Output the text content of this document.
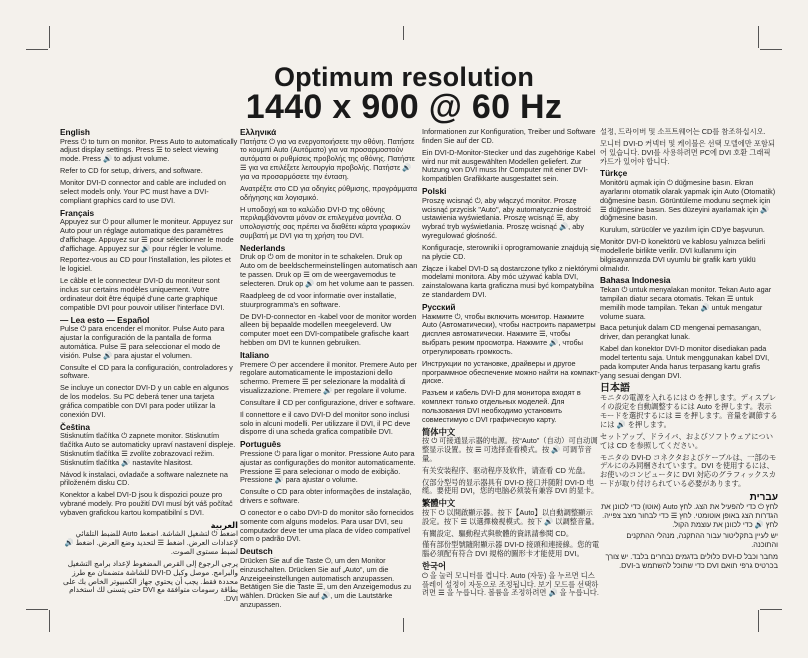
Optimum resolution
1440 x 900 @ 60 Hz
English

Press ⏻ to turn on monitor. Press Auto to automatically adjust display settings. Press ☰ to select viewing mode. Press 🔊 to adjust volume.

Refer to CD for setup, drivers, and software.

Monitor DVI-D connector and cable are included on select models only. Your PC must have a DVI-compliant graphics card to use DVI.

Français

Appuyez sur ⏻ pour allumer le moniteur. Appuyez sur Auto pour un réglage automatique des paramètres d'affichage. Appuyez sur ☰ pour sélectionner le mode d'affichage. Appuyez sur 🔊 pour régler le volume.

Reportez-vous au CD pour l'installation, les pilotes et le logiciel.

Le câble et le connecteur DVI-D du moniteur sont inclus sur certains modèles uniquement. Votre ordinateur doit être équipé d'une carte graphique compatible DVI pour pouvoir utiliser l'interface DVI.

— Lea esto — Español

Pulse ⏻ para encender el monitor. Pulse Auto para ajustar la configuración de la pantalla de forma automática. Pulse ☰ para seleccionar el modo de visión. Pulse 🔊 para ajustar el volumen.

Consulte el CD para la configuración, controladores y software.

Se incluye un conector DVI-D y un cable en algunos de los modelos. Su PC deberá tener una tarjeta gráfica compatible con DVI para poder utilizar la conexión DVI.

Čeština

Stisknutím tlačítka ⏻ zapnete monitor. Stisknutím tlačítka Auto se automaticky upraví nastavení displeje. Stisknutím tlačítka ☰ zvolíte zobrazovací režim. Stisknutím tlačítka 🔊 nastavíte hlasitost.

Návod k instalaci, ovladače a software naleznete na přiloženém disku CD.

Konektor a kabel DVI-D jsou k dispozici pouze pro vybrané modely. Pro použití DVI musí být váš počítač vybaven grafickou kartou kompatibilní s DVI.

العربية

اضغط ⏻ لتشغيل الشاشة. اضغط Auto للضبط التلقائي لإعدادات العرض. اضغط ☰ لتحديد وضع العرض. اضغط 🔊 لضبط مستوى الصوت.

يرجى الرجوع إلى القرص المضغوط لإعداد برامج التشغيل والبرامج. موصل وكبل DVI-D للشاشة متضمنان مع طرز محددة فقط. يجب أن يحتوي جهاز الكمبيوتر الخاص بك على بطاقة رسومات متوافقة مع DVI حتى يتسنى لك استخدام DVI.

Ελληνικά

Πατήστε ⏻ για να ενεργοποιήσετε την οθόνη. Πατήστε το κουμπί Auto (Αυτόματο) για να προσαρμοστούν αυτόματα οι ρυθμίσεις προβολής της οθόνης. Πατήστε ☰ για να επιλέξετε λειτουργία προβολής. Πατήστε 🔊 για να προσαρμόσετε την ένταση.

Ανατρέξτε στο CD για οδηγίες ρύθμισης, προγράμματα οδήγησης και λογισμικό.

Η υποδοχή και το καλώδιο DVI-D της οθόνης περιλαμβάνονται μόνον σε επιλεγμένα μοντέλα. Ο υπολογιστής σας πρέπει να διαθέτει κάρτα γραφικών συμβατή με DVI για τη χρήση του DVI.

Nederlands

Druk op ⏻ om de monitor in te schakelen. Druk op Auto om de beeldschermeinstellingen automatisch aan te passen. Druk op ☰ om de weergavemodus te selecteren. Druk op 🔊 om het volume aan te passen.

Raadpleeg de cd voor informatie over installatie, stuurprogramma's en software.

De DVI-D-connector en -kabel voor de monitor worden alleen bij bepaalde modellen meegeleverd. Uw computer moet een DVI-compatibele grafische kaart hebben om DVI te kunnen gebruiken.

Italiano

Premere ⏻ per accendere il monitor. Premere Auto per regolare automaticamente le impostazioni dello schermo. Premere ☰ per selezionare la modalità di visualizzazione. Premere 🔊 per regolare il volume.

Consultare il CD per configurazione, driver e software.

Il connettore e il cavo DVI-D del monitor sono inclusi solo in alcuni modelli. Per utilizzare il DVI, il PC deve disporre di una scheda grafica compatibile DVI.

Português

Pressione ⏻ para ligar o monitor. Pressione Auto para ajustar as configurações do monitor automaticamente. Pressione ☰ para selecionar o modo de exibição. Pressione 🔊 para ajustar o volume.

Consulte o CD para obter informações de instalação, drivers e software.

O conector e o cabo DVI-D do monitor são fornecidos somente com alguns modelos. Para usar DVI, seu computador deve ter uma placa de vídeo compatível com o padrão DVI.

Deutsch

Drücken Sie auf die Taste ⏻, um den Monitor einzuschalten. Drücken Sie auf „Auto“, um die Anzeigeeinstellungen automatisch anzupassen. Betätigen Sie die Taste ☰, um den Anzeigemodus zu wählen. Drücken Sie auf 🔊, um die Lautstärke anzupassen.

Informationen zur Konfiguration, Treiber und Software finden Sie auf der CD.

Ein DVI-D-Monitor-Stecker und das zugehörige Kabel wird nur mit ausgewählten Modellen geliefert. Zur Nutzung von DVI muss Ihr Computer mit einer DVI-kompatiblen Grafikkarte ausgestattet sein.

Polski

Proszę wcisnąć ⏻, aby włączyć monitor. Proszę wcisnąć przycisk "Auto", aby automatycznie dostroić ustawienia wyświetlania. Proszę wcisnąć ☰, aby wybrać tryb wyświetlania. Proszę wcisnąć 🔊, aby wyregulować głośność.

Konfiguracje, sterowniki i oprogramowanie znajdują się na płycie CD.

Złącze i kabel DVI-D są dostarczone tylko z niektórymi modelami monitora. Aby móc używać kabla DVI, zainstalowana karta graficzna musi być kompatybilna ze standardem DVI.

Русский

Нажмите ⏻, чтобы включить монитор. Нажмите Auto (Автоматически), чтобы настроить параметры дисплея автоматически. Нажмите ☰, чтобы выбрать режим просмотра. Нажмите 🔊, чтобы отрегулировать громкость.

Инструкции по установке, драйверы и другое программное обеспечение можно найти на компакт-диске.

Разъем и кабель DVI-D для монитора входят в комплект только отдельных моделей. Для пользования DVI необходимо установить совместимую с DVI графическую карту.

简体中文

按 ⏻ 可接通显示器的电源。按“Auto”（自动）可自动调整显示设置。按 ☰ 可选择查看模式。按 🔊 可调节音量。

有关安装程序、驱动程序及软件，请查看 CD 光盘。

仅部分型号的显示器具有 DVI-D 接口并随附 DVI-D 电缆。要使用 DVI，您的电脑必须装有兼容 DVI 的显卡。

繁體中文

按下 ⏻ 以開啟顯示器。按下【Auto】以自動調整顯示設定。按下 ☰ 以選擇檢視模式。按下 🔊 以調整音量。

有關設定、驅動程式與軟體的資訊請參閱 CD。

僅有部份型號隨附顯示器 DVI-D 接頭和連接線。您的電腦必須配有符合 DVI 規格的圖形卡才能使用 DVI。

한국어

⏻ 을 눌러 모니터를 켭니다. Auto (자동) 을 누르면 디스플레이 설정이 자동으로 조정됩니다. 보기 모드를 선택하려면 ☰ 을 누릅니다. 볼륨을 조정하려면 🔊 을 누릅니다.

설정, 드라이버 및 소프트웨어는 CD를 참조하십시오.

모니터 DVI-D 커넥터 및 케이블은 선택 모델에만 포함되어 있습니다. DVI를 사용하려면 PC에 DVI 호환 그래픽 카드가 있어야 합니다.

Türkçe

Monitörü açmak için ⏻ düğmesine basın. Ekran ayarlarını otomatik olarak yapmak için Auto (Otomatik) düğmesine basın. Görüntüleme modunu seçmek için ☰ düğmesine basın. Ses düzeyini ayarlamak için 🔊 düğmesine basın.

Kurulum, sürücüler ve yazılım için CD'ye başvurun.

Monitör DVI-D konektörü ve kablosu yalnızca belirli modellerle birlikte verilir. DVI kullanımı için bilgisayarınızda DVI uyumlu bir grafik kartı yüklü olmalıdır.

Bahasa Indonesia

Tekan ⏻ untuk menyalakan monitor. Tekan Auto agar tampilan diatur secara otomatis. Tekan ☰ untuk memilih mode tampilan. Tekan 🔊 untuk mengatur volume suara.

Baca petunjuk dalam CD mengenai pemasangan, driver, dan perangkat lunak.

Kabel dan konektor DVI-D monitor disediakan pada model tertentu saja. Untuk menggunakan kabel DVI, pada komputer Anda harus terpasang kartu grafis yang sesuai dengan DVI.

日本語

モニタの電源を入れるには ⏻ を押します。ディスプレイの設定を自動調整するには Auto を押します。表示モードを選択するには ☰ を押します。音量を調節するには 🔊 を押します。

セットアップ、ドライバ、およびソフトウェアについては CD を参照してください。

モニタの DVI-D コネクタおよびケーブルは、一部のモデルにのみ同梱されています。DVI を使用するには、お使いのコンピュータに DVI 対応のグラフィックスカードが取り付けられている必要があります。

עברית

לחץ ⏻ כדי להפעיל את הצג. לחץ Auto (אוטו) כדי לכוונן את הגדרות הצג באופן אוטומטי. לחץ ☰ כדי לבחור מצב צפייה. לחץ 🔊 כדי לכוונן את עוצמת הקול.

יש לעיין בתקליטור עבור ההתקנה, מנהלי ההתקנים והתוכנה.

מחבר וכבל DVI-D כלולים בדגמים נבחרים בלבד. יש צורך בכרטיס גרפי תואם DVI כדי שתוכל להשתמש ב-DVI.
